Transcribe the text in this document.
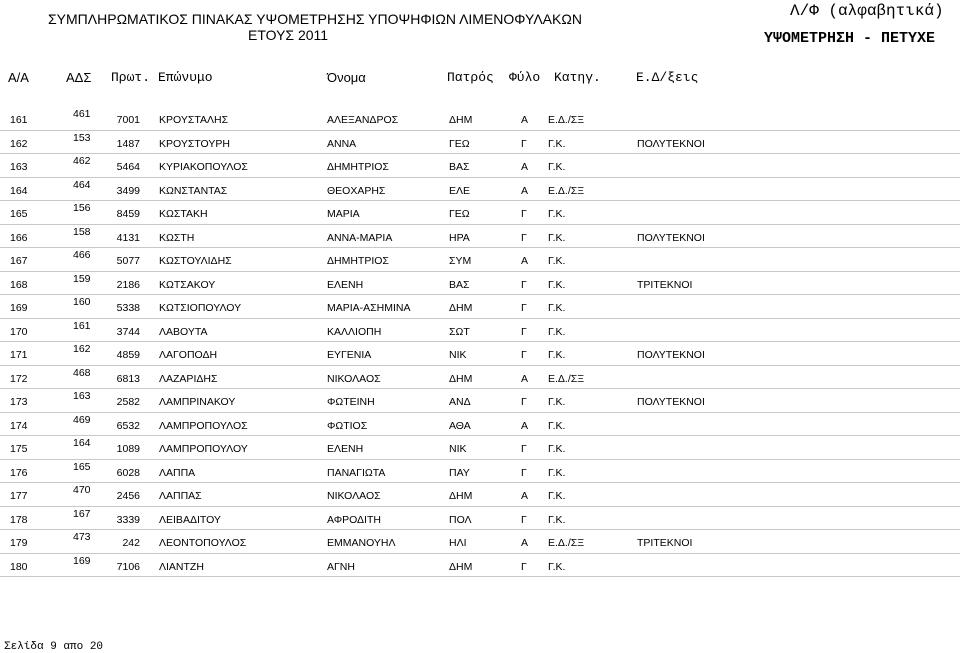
ΣΥΜΠΛΗΡΩΜΑΤΙΚΟΣ ΠΙΝΑΚΑΣ ΥΨΟΜΕΤΡΗΣΗΣ ΥΠΟΨΗΦΙΩΝ ΛΙΜΕΝΟΦΥΛΑΚΩΝ
ΕΤΟΥΣ 2011
Λ/Φ (αλφαβητικά)
ΥΨΟΜΕΤΡΗΣΗ - ΠΕΤΥΧΕ
Α/Α	ΑΔΣ Πρωτ. Επώνυμο	Όνομα	Πατρός Φύλο Κατηγ.	Ε.Δ/ξεις
161	461	7001 ΚΡΟΥΣΤΑΛΗΣ	ΑΛΕΞΑΝΔΡΟΣ	ΔΗΜ	Α Ε.Δ./ΣΞ
162	153	1487 ΚΡΟΥΣΤΟΥΡΗ	ΑΝΝΑ	ΓΕΩ	Γ Γ.Κ.	ΠΟΛΥΤΕΚΝΟΙ
163	462	5464 ΚΥΡΙΑΚΟΠΟΥΛΟΣ	ΔΗΜΗΤΡΙΟΣ	ΒΑΣ	Α Γ.Κ.
164	464	3499 ΚΩΝΣΤΑΝΤΑΣ	ΘΕΟΧΑΡΗΣ	ΕΛΕ	Α Ε.Δ./ΣΞ
165	156	8459 ΚΩΣΤΑΚΗ	ΜΑΡΙΑ	ΓΕΩ	Γ Γ.Κ.
166	158	4131 ΚΩΣΤΗ	ΑΝΝΑ-ΜΑΡΙΑ	ΗΡΑ	Γ Γ.Κ.	ΠΟΛΥΤΕΚΝΟΙ
167	466	5077 ΚΩΣΤΟΥΛΙΔΗΣ	ΔΗΜΗΤΡΙΟΣ	ΣΥΜ	Α Γ.Κ.
168	159	2186 ΚΩΤΣΑΚΟΥ	ΕΛΕΝΗ	ΒΑΣ	Γ Γ.Κ.	ΤΡΙΤΕΚΝΟΙ
169	160	5338 ΚΩΤΣΙΟΠΟΥΛΟΥ	ΜΑΡΙΑ-ΑΣΗΜΙΝΑ	ΔΗΜ	Γ Γ.Κ.
170	161	3744 ΛΑΒΟΥΤΑ	ΚΑΛΛΙΟΠΗ	ΣΩΤ	Γ Γ.Κ.
171	162	4859 ΛΑΓΟΠΟΔΗ	ΕΥΓΕΝΙΑ	ΝΙΚ	Γ Γ.Κ.	ΠΟΛΥΤΕΚΝΟΙ
172	468	6813 ΛΑΖΑΡΙΔΗΣ	ΝΙΚΟΛΑΟΣ	ΔΗΜ	Α Ε.Δ./ΣΞ
173	163	2582 ΛΑΜΠΡΙΝΑΚΟΥ	ΦΩΤΕΙΝΗ	ΑΝΔ	Γ Γ.Κ.	ΠΟΛΥΤΕΚΝΟΙ
174	469	6532 ΛΑΜΠΡΟΠΟΥΛΟΣ	ΦΩΤΙΟΣ	ΑΘΑ	Α Γ.Κ.
175	164	1089 ΛΑΜΠΡΟΠΟΥΛΟΥ	ΕΛΕΝΗ	ΝΙΚ	Γ Γ.Κ.
176	165	6028 ΛΑΠΠΑ	ΠΑΝΑΓΙΩΤΑ	ΠΑΥ	Γ Γ.Κ.
177	470	2456 ΛΑΠΠΑΣ	ΝΙΚΟΛΑΟΣ	ΔΗΜ	Α Γ.Κ.
178	167	3339 ΛΕΙΒΑΔΙΤΟΥ	ΑΦΡΟΔΙΤΗ	ΠΟΛ	Γ Γ.Κ.
179	473	242 ΛΕΟΝΤΟΠΟΥΛΟΣ	ΕΜΜΑΝΟΥΗΛ	ΗΛΙ	Α Ε.Δ./ΣΞ	ΤΡΙΤΕΚΝΟΙ
180	169	7106 ΛΙΑΝΤΖΗ	ΑΓΝΗ	ΔΗΜ	Γ Γ.Κ.
Σελίδα 9 απο 20
